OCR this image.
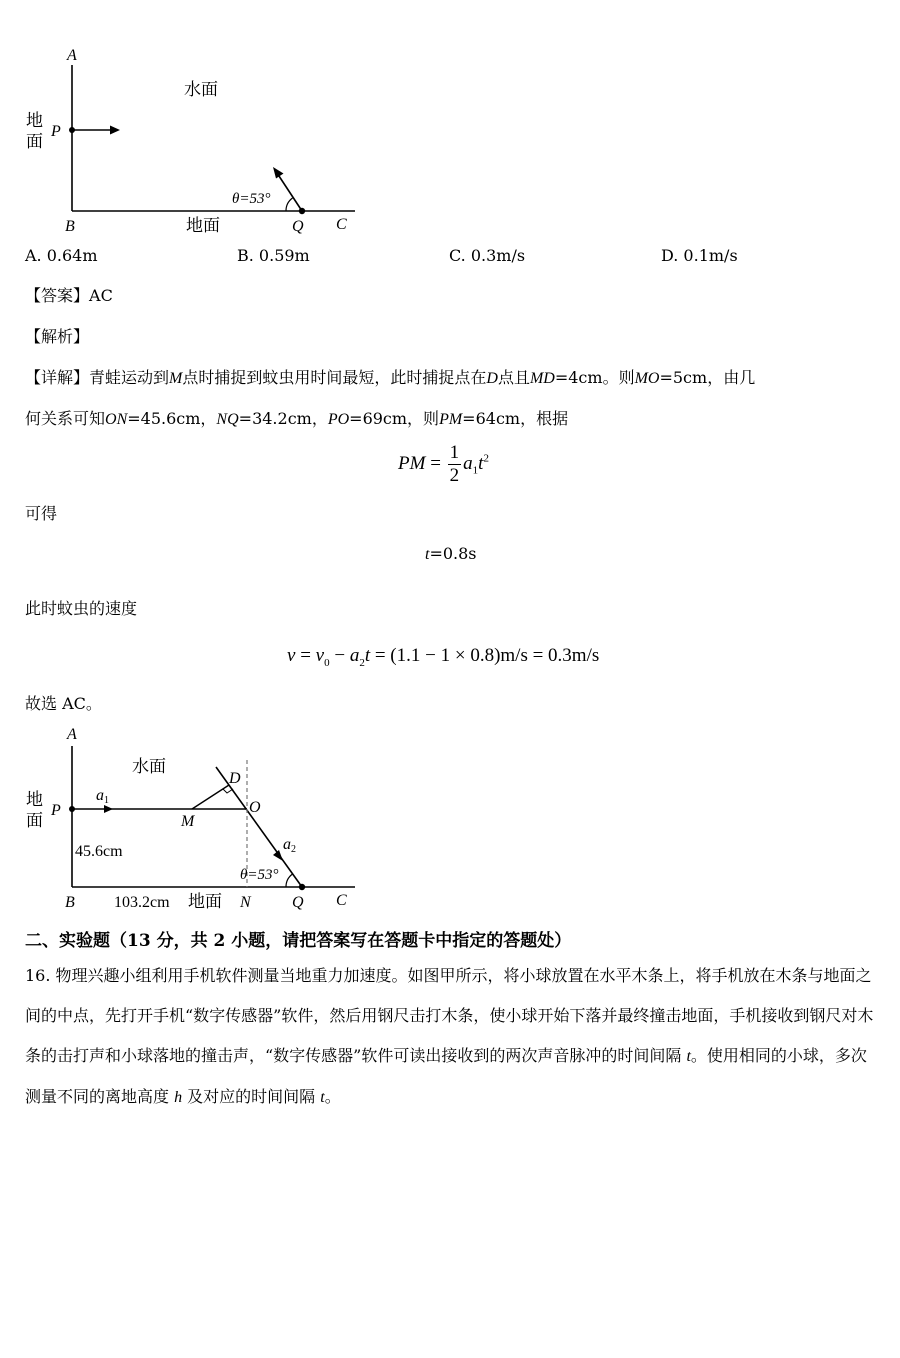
A
P
B	Q C
水面
地面
θ=53°
地面
A. 0.64m	B. 0.59m	C. 0.3m/s	D. 0.1m/s
【答案】AC
【解析】
【详解】青蛙运动到M点时捕捉到蚊虫用时间最短，此时捕捉点在D点且MD=4cm。则MO=5cm，由几
何关系可知ON=45.6cm，NQ=34.2cm，PO=69cm，则PM=64cm，根据
PM = $\frac{1}{2} a_1t^2$
可得
t=0.8s
此时蚊虫的速度
$v = v_0 - a_2t = (1.1 - 1 \times 0.8)m/s = 0.3m/s$
故选 AC。
A
P
B	N	Q C
M
O
D
a1
a2
水面
45.6cm
103.2cm 地面
θ=53°
地面
二、实验题（13 分，共 2 小题，请把答案写在答题卡中指定的答题处）
16. 物理兴趣小组利用手机软件测量当地重力加速度。如图甲所示，将小球放置在水平木条上，将手机放在木条与地面之间的中点，先打开手机“数字传感器”软件，然后用钢尺击打木条，使小球开始下落并最终撞击地面，手机接收到钢尺对木条的击打声和小球落地的撞击声，“数字传感器”软件可读出接收到的两次声音脉冲的时间间隔 t。使用相同的小球，多次测量不同的离地高度 h 及对应的时间间隔 t。
